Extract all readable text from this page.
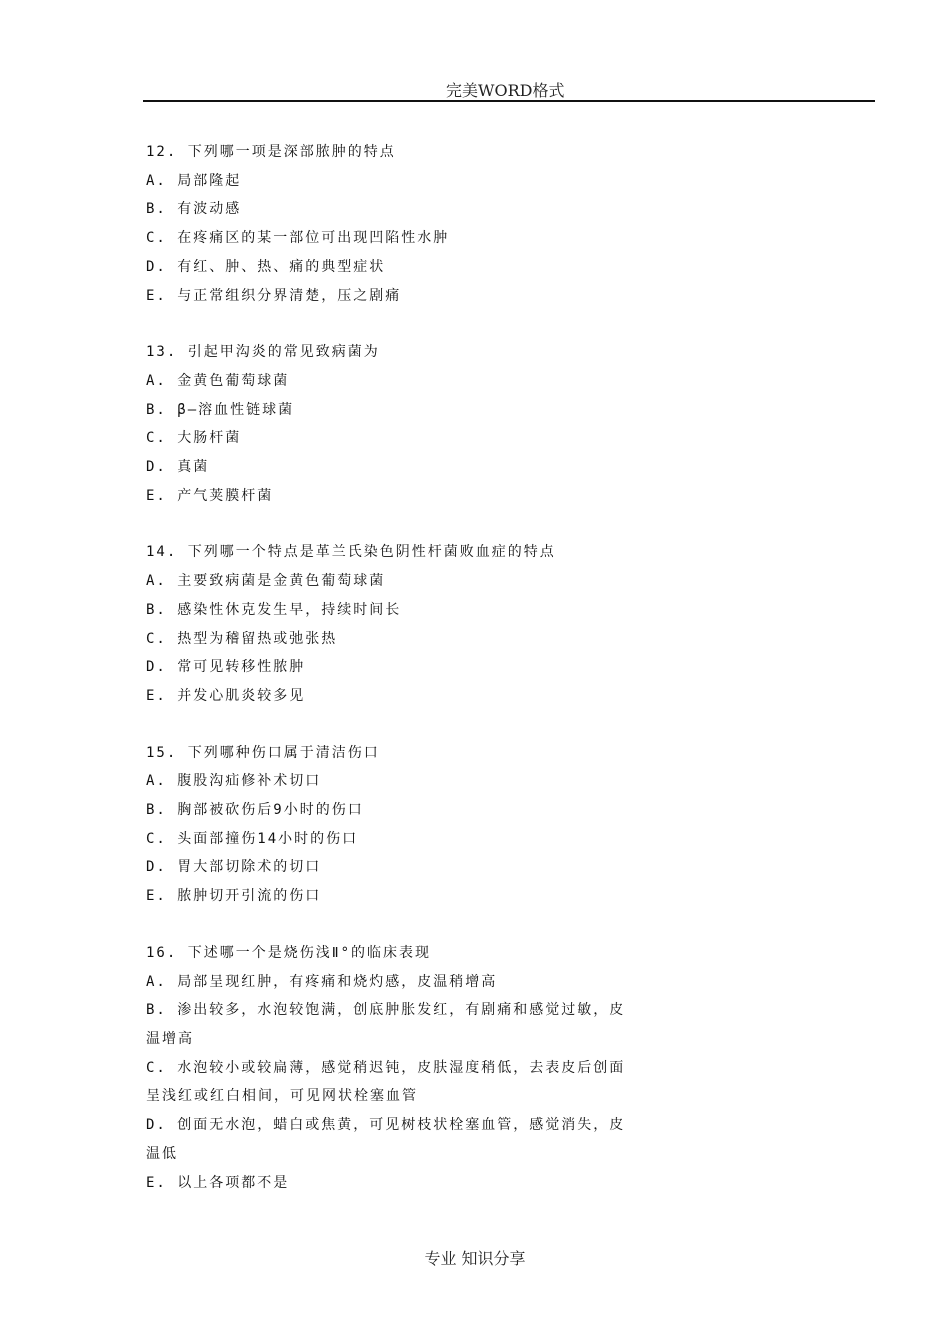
完美WORD格式
12. 下列哪一项是深部脓肿的特点
A. 局部隆起
B. 有波动感
C. 在疼痛区的某一部位可出现凹陷性水肿
D. 有红、肿、热、痛的典型症状
E. 与正常组织分界清楚，压之剧痛
13. 引起甲沟炎的常见致病菌为
A. 金黄色葡萄球菌
B. β—溶血性链球菌
C. 大肠杆菌
D. 真菌
E. 产气荚膜杆菌
14. 下列哪一个特点是革兰氏染色阴性杆菌败血症的特点
A. 主要致病菌是金黄色葡萄球菌
B. 感染性休克发生早，持续时间长
C. 热型为稽留热或弛张热
D. 常可见转移性脓肿
E. 并发心肌炎较多见
15. 下列哪种伤口属于清洁伤口
A. 腹股沟疝修补术切口
B. 胸部被砍伤后9小时的伤口
C. 头面部撞伤14小时的伤口
D. 胃大部切除术的切口
E. 脓肿切开引流的伤口
16. 下述哪一个是烧伤浅Ⅱ°的临床表现
A. 局部呈现红肿，有疼痛和烧灼感，皮温稍增高
B. 渗出较多，水泡较饱满，创底肿胀发红，有剧痛和感觉过敏，皮温增高
C. 水泡较小或较扁薄，感觉稍迟钝，皮肤湿度稍低，去表皮后创面呈浅红或红白相间，可见网状栓塞血管
D. 创面无水泡，蜡白或焦黄，可见树枝状栓塞血管，感觉消失，皮温低
E. 以上各项都不是
专业 知识分享
